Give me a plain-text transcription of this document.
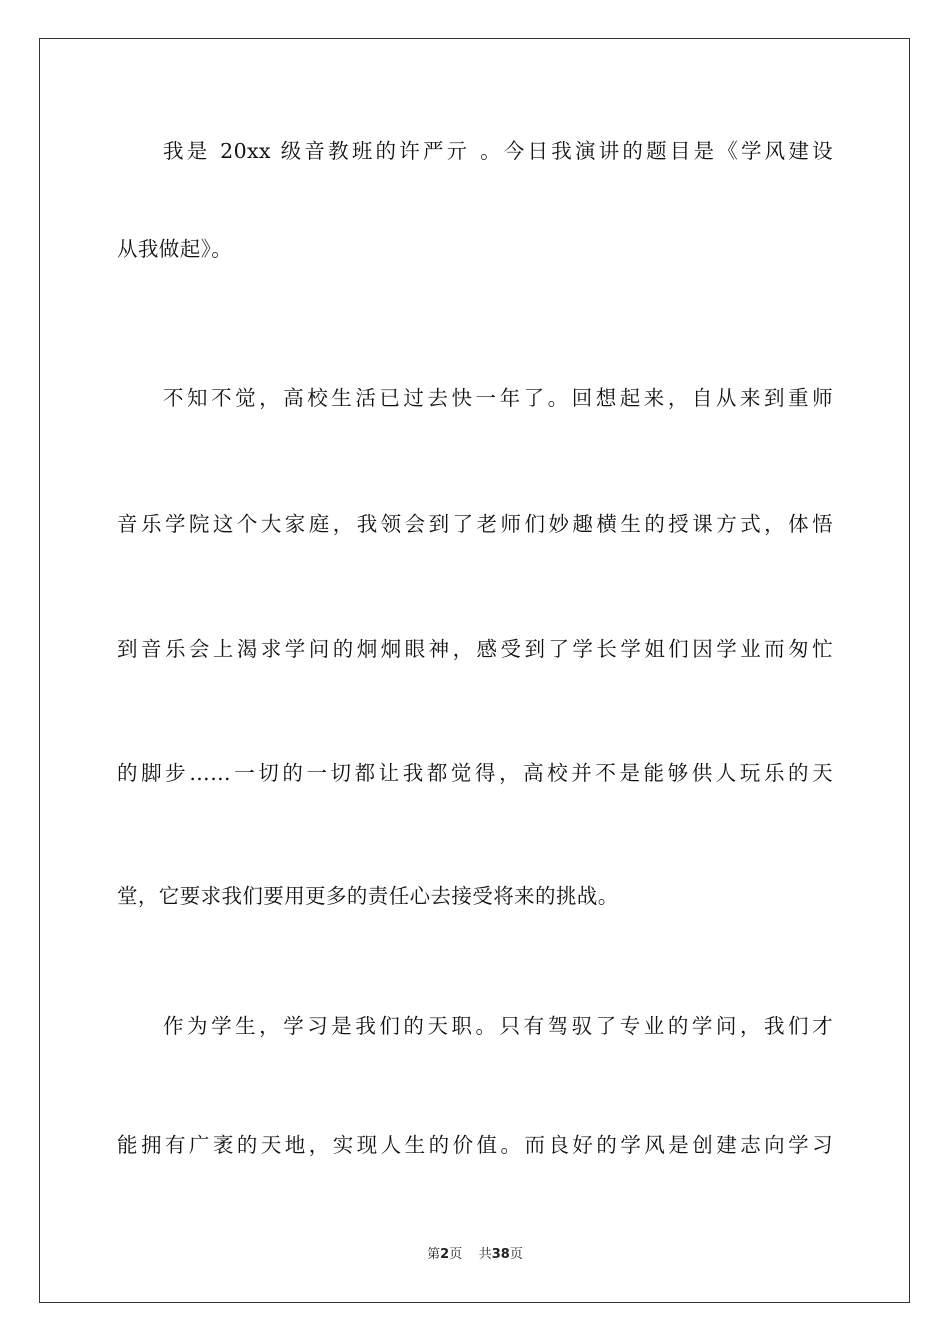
我是 20xx 级音教班的许严亓 。今日我演讲的题目是《学风建设
从我做起》。
不知不觉，高校生活已过去快一年了。回想起来，自从来到重师
音乐学院这个大家庭，我领会到了老师们妙趣横生的授课方式，体悟
到音乐会上渴求学问的炯炯眼神，感受到了学长学姐们因学业而匆忙
的脚步……一切的一切都让我都觉得，高校并不是能够供人玩乐的天
堂，它要求我们要用更多的责任心去接受将来的挑战。
作为学生，学习是我们的天职。只有驾驭了专业的学问，我们才
能拥有广袤的天地，实现人生的价值。而良好的学风是创建志向学习
第2页 共38页
